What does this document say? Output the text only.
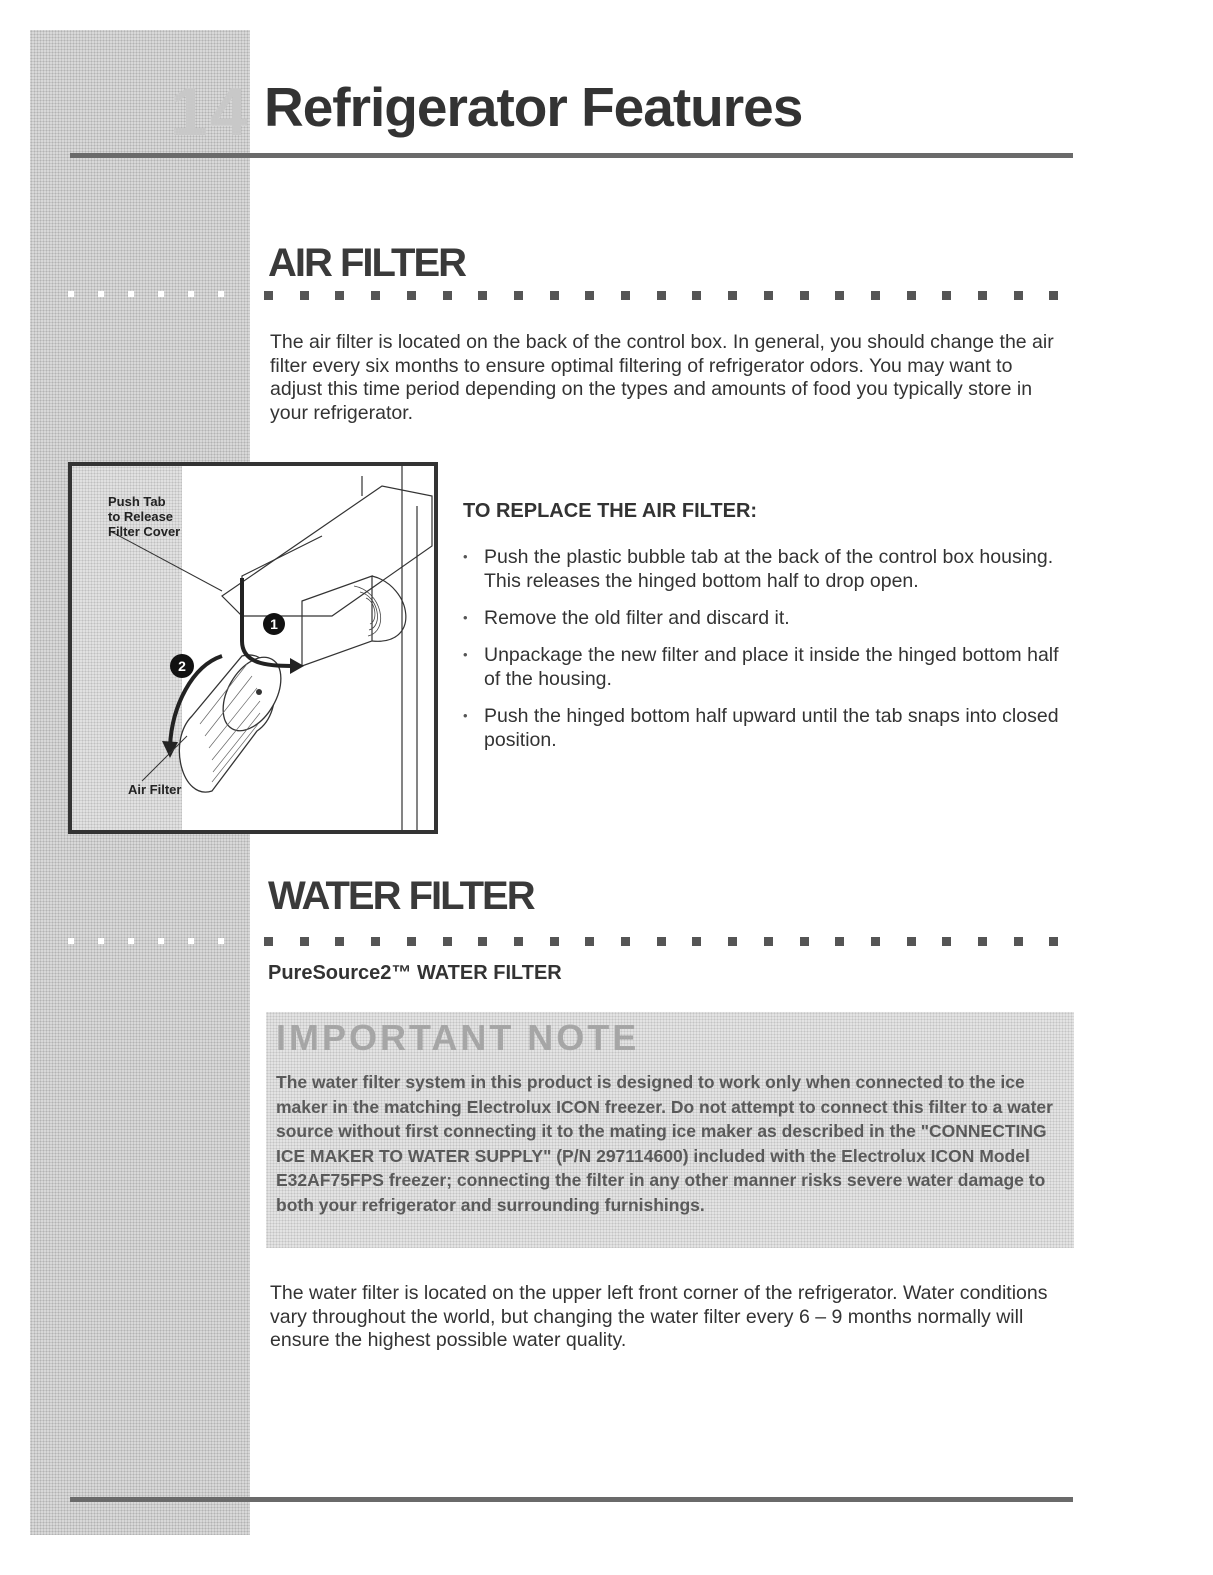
14 Refrigerator Features
AIR FILTER

The air filter is located on the back of the control box. In general, you should change the air filter every six months to ensure optimal filtering of refrigerator odors. You may want to adjust this time period depending on the types and amounts of food you typically store in your refrigerator.

1
2
Push Tab
to Release
Filter Cover
Air Filter
TO REPLACE THE AIR FILTER:
• Push the plastic bubble tab at the back of the control box housing. This releases the hinged bottom half to drop open.
• Remove the old filter and discard it.
• Unpackage the new filter and place it inside the hinged bottom half of the housing.
• Push the hinged bottom half upward until the tab snaps into closed position.
WATER FILTER
PureSource2™ WATER FILTER
IMPORTANT NOTE

The water filter system in this product is designed to work only when connected to the ice maker in the matching Electrolux ICON freezer. Do not attempt to connect this filter to a water source without first connecting it to the mating ice maker as described in the "CONNECTING ICE MAKER TO WATER SUPPLY" (P/N 297114600) included with the Electrolux ICON Model E32AF75FPS freezer; connecting the filter in any other manner risks severe water damage to both your refrigerator and surrounding furnishings.

The water filter is located on the upper left front corner of the refrigerator. Water conditions vary throughout the world, but changing the water filter every 6 – 9 months normally will ensure the highest possible water quality.
